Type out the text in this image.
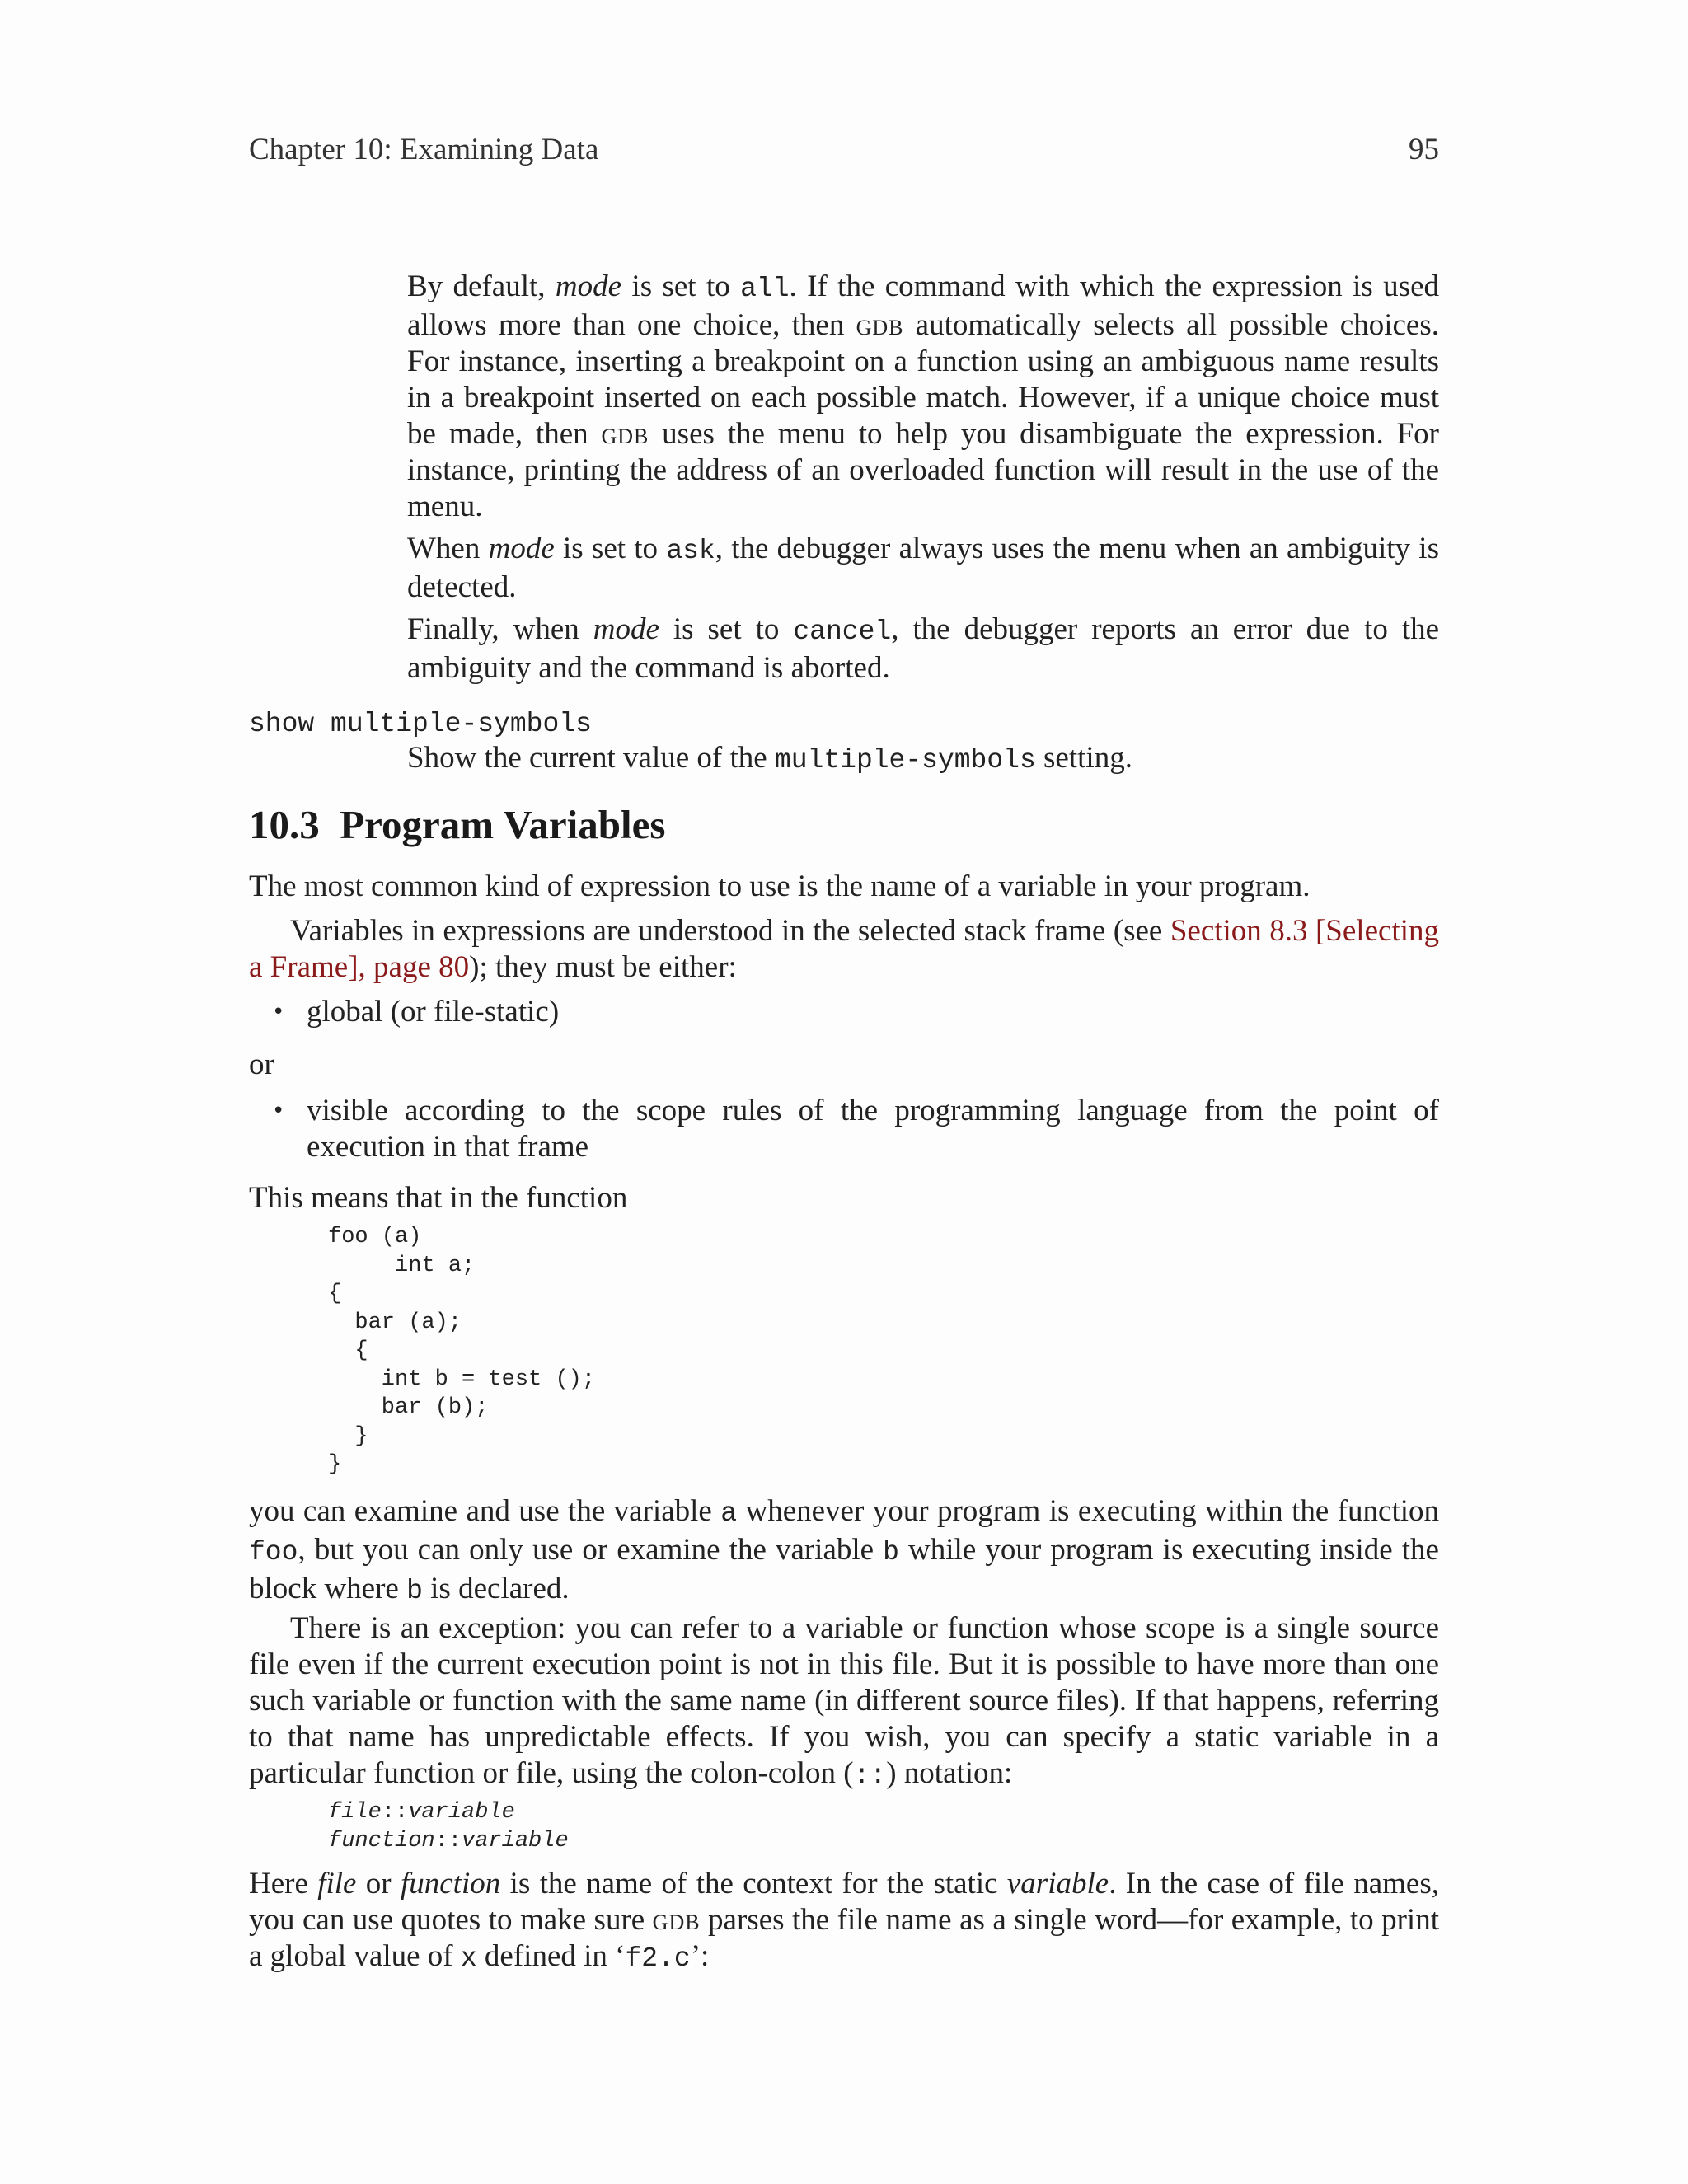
Chapter 10: Examining Data	95

By default, mode is set to all. If the command with which the expression is used allows more than one choice, then gdb automatically selects all possible choices. For instance, inserting a breakpoint on a function using an ambiguous name results in a breakpoint inserted on each possible match. However, if a unique choice must be made, then gdb uses the menu to help you disambiguate the expression. For instance, printing the address of an overloaded function will result in the use of the menu.

When mode is set to ask, the debugger always uses the menu when an ambiguity is detected.

Finally, when mode is set to cancel, the debugger reports an error due to the ambiguity and the command is aborted.

show multiple-symbols

Show the current value of the multiple-symbols setting.

10.3 Program Variables

The most common kind of expression to use is the name of a variable in your program.

Variables in expressions are understood in the selected stack frame (see Section 8.3 [Selecting a Frame], page 80); they must be either:

• global (or file-static)

or

• visible according to the scope rules of the programming language from the point of execution in that frame

This means that in the function

foo (a)
int a;
{
bar (a);
{
int b = test ();
bar (b);
}
}

you can examine and use the variable a whenever your program is executing within the function foo, but you can only use or examine the variable b while your program is executing inside the block where b is declared.

There is an exception: you can refer to a variable or function whose scope is a single source file even if the current execution point is not in this file. But it is possible to have more than one such variable or function with the same name (in different source files). If that happens, referring to that name has unpredictable effects. If you wish, you can specify a static variable in a particular function or file, using the colon-colon (::) notation:

file::variable
function::variable

Here file or function is the name of the context for the static variable. In the case of file names, you can use quotes to make sure gdb parses the file name as a single word—for example, to print a global value of x defined in ‘f2.c’:
